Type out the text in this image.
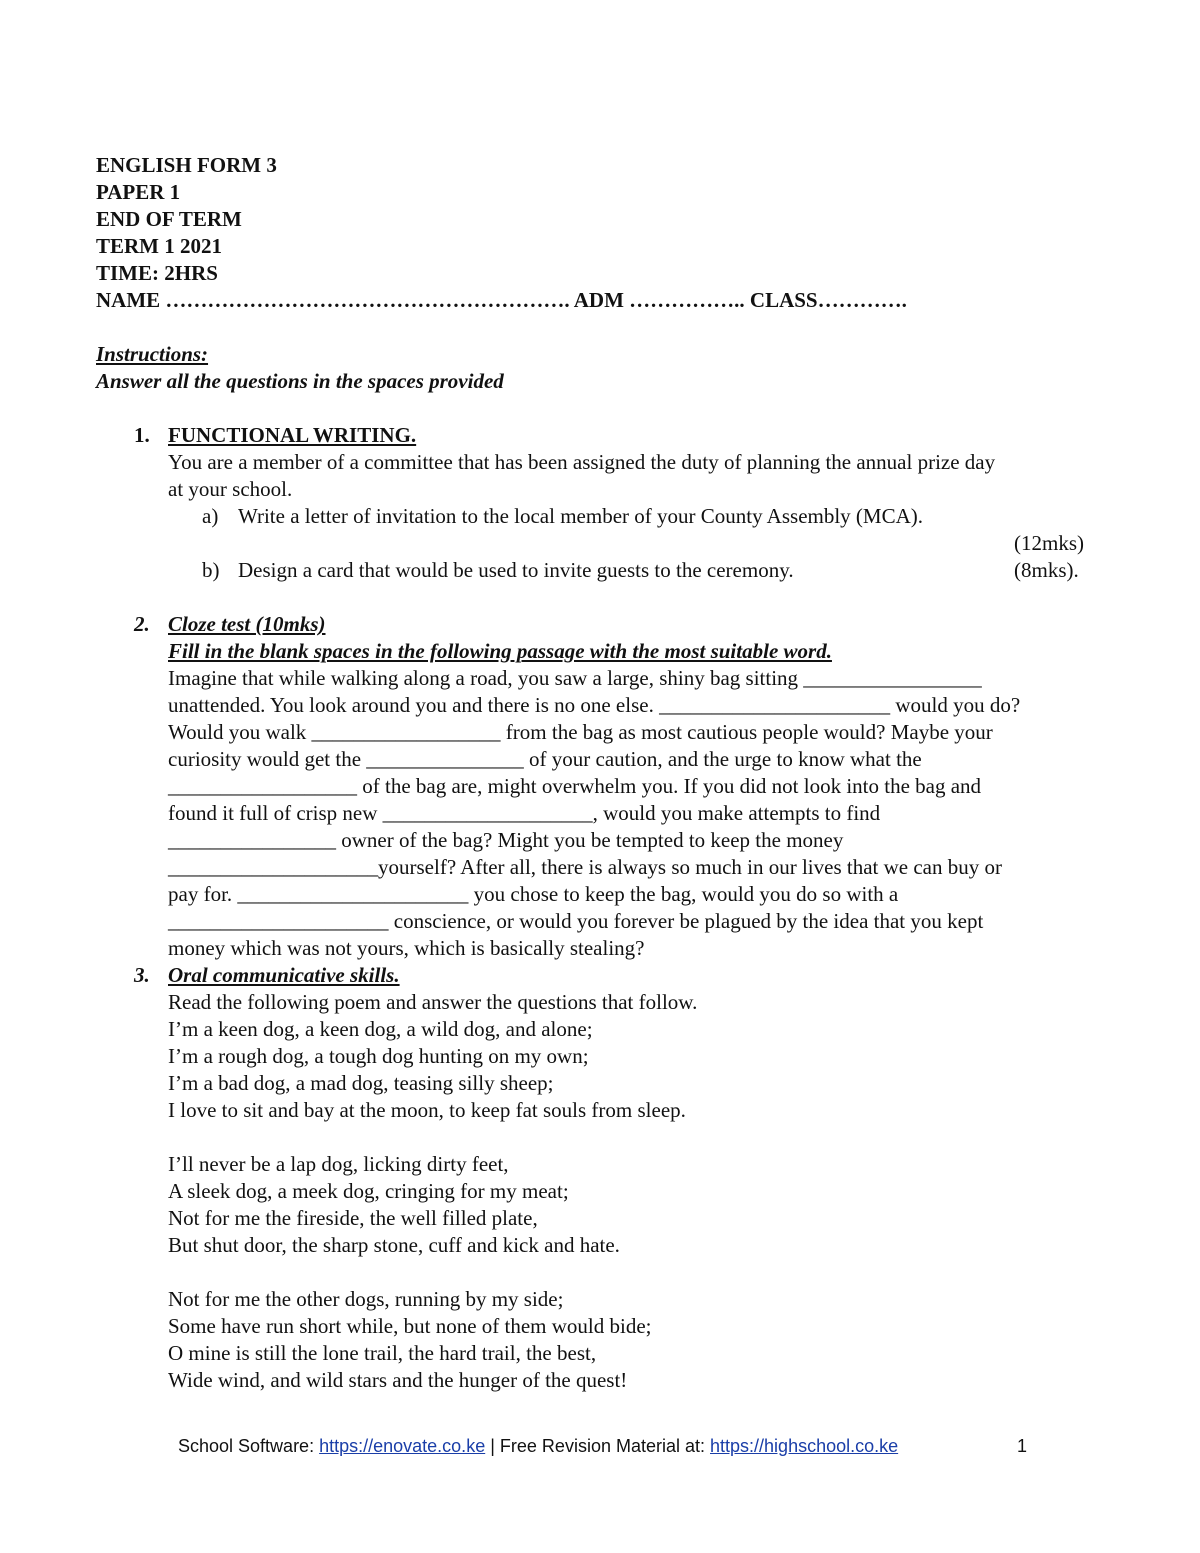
ENGLISH FORM 3
PAPER 1
END OF TERM
TERM 1 2021
TIME: 2HRS
NAME …………………………………………………. ADM …………….. CLASS………….
Instructions:
Answer all the questions in the spaces provided
1. FUNCTIONAL WRITING.
You are a member of a committee that has been assigned the duty of planning the annual prize day
at your school.
a) Write a letter of invitation to the local member of your County Assembly (MCA).
(12mks)
b) Design a card that would be used to invite guests to the ceremony.	(8mks).
2. Cloze test (10mks)
Fill in the blank spaces in the following passage with the most suitable word.
Imagine that while walking along a road, you saw a large, shiny bag sitting _________________
unattended. You look around you and there is no one else. ______________________ would you do?
Would you walk __________________ from the bag as most cautious people would? Maybe your
curiosity would get the _______________ of your caution, and the urge to know what the
__________________ of the bag are, might overwhelm you. If you did not look into the bag and
found it full of crisp new ____________________, would you make attempts to find
________________ owner of the bag? Might you be tempted to keep the money
____________________yourself? After all, there is always so much in our lives that we can buy or
pay for. ______________________ you chose to keep the bag, would you do so with a
_____________________ conscience, or would you forever be plagued by the idea that you kept
money which was not yours, which is basically stealing?
3. Oral communicative skills.
Read the following poem and answer the questions that follow.
I’m a keen dog, a keen dog, a wild dog, and alone;
I’m a rough dog, a tough dog hunting on my own;
I’m a bad dog, a mad dog, teasing silly sheep;
I love to sit and bay at the moon, to keep fat souls from sleep.
I’ll never be a lap dog, licking dirty feet,
A sleek dog, a meek dog, cringing for my meat;
Not for me the fireside, the well filled plate,
But shut door, the sharp stone, cuff and kick and hate.
Not for me the other dogs, running by my side;
Some have run short while, but none of them would bide;
O mine is still the lone trail, the hard trail, the best,
Wide wind, and wild stars and the hunger of the quest!
School Software: https://enovate.co.ke | Free Revision Material at: https://highschool.co.ke	1
